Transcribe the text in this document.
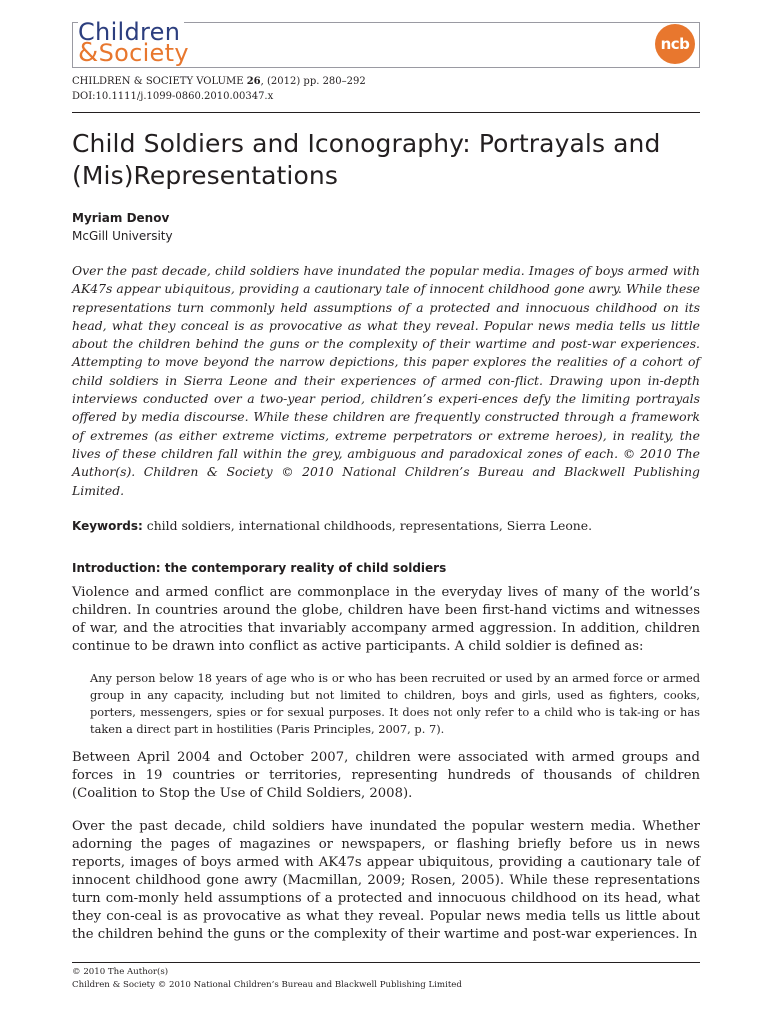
Children
&Society	ncb
CHILDREN & SOCIETY VOLUME 26, (2012) pp. 280–292
DOI:10.1111/j.1099-0860.2010.00347.x
Child Soldiers and Iconography: Portrayals and (Mis)Representations
Myriam Denov
McGill University
Over the past decade, child soldiers have inundated the popular media. Images of boys armed with AK47s appear ubiquitous, providing a cautionary tale of innocent childhood gone awry. While these representations turn commonly held assumptions of a protected and innocuous childhood on its head, what they conceal is as provocative as what they reveal. Popular news media tells us little about the children behind the guns or the complexity of their wartime and post-war experiences. Attempting to move beyond the narrow depictions, this paper explores the realities of a cohort of child soldiers in Sierra Leone and their experiences of armed con-flict. Drawing upon in-depth interviews conducted over a two-year period, children’s experi-ences defy the limiting portrayals offered by media discourse. While these children are frequently constructed through a framework of extremes (as either extreme victims, extreme perpetrators or extreme heroes), in reality, the lives of these children fall within the grey, ambiguous and paradoxical zones of each. © 2010 The Author(s). Children & Society © 2010 National Children’s Bureau and Blackwell Publishing Limited.
Keywords: child soldiers, international childhoods, representations, Sierra Leone.
Introduction: the contemporary reality of child soldiers
Violence and armed conflict are commonplace in the everyday lives of many of the world’s children. In countries around the globe, children have been first-hand victims and witnesses of war, and the atrocities that invariably accompany armed aggression. In addition, children continue to be drawn into conflict as active participants. A child soldier is defined as:
Any person below 18 years of age who is or who has been recruited or used by an armed force or armed group in any capacity, including but not limited to children, boys and girls, used as fighters, cooks, porters, messengers, spies or for sexual purposes. It does not only refer to a child who is tak-ing or has taken a direct part in hostilities (Paris Principles, 2007, p. 7).
Between April 2004 and October 2007, children were associated with armed groups and forces in 19 countries or territories, representing hundreds of thousands of children (Coalition to Stop the Use of Child Soldiers, 2008).
Over the past decade, child soldiers have inundated the popular western media. Whether adorning the pages of magazines or newspapers, or flashing briefly before us in news reports, images of boys armed with AK47s appear ubiquitous, providing a cautionary tale of innocent childhood gone awry (Macmillan, 2009; Rosen, 2005). While these representations turn com-monly held assumptions of a protected and innocuous childhood on its head, what they con-ceal is as provocative as what they reveal. Popular news media tells us little about the children behind the guns or the complexity of their wartime and post-war experiences. In
© 2010 The Author(s)
Children & Society © 2010 National Children’s Bureau and Blackwell Publishing Limited
